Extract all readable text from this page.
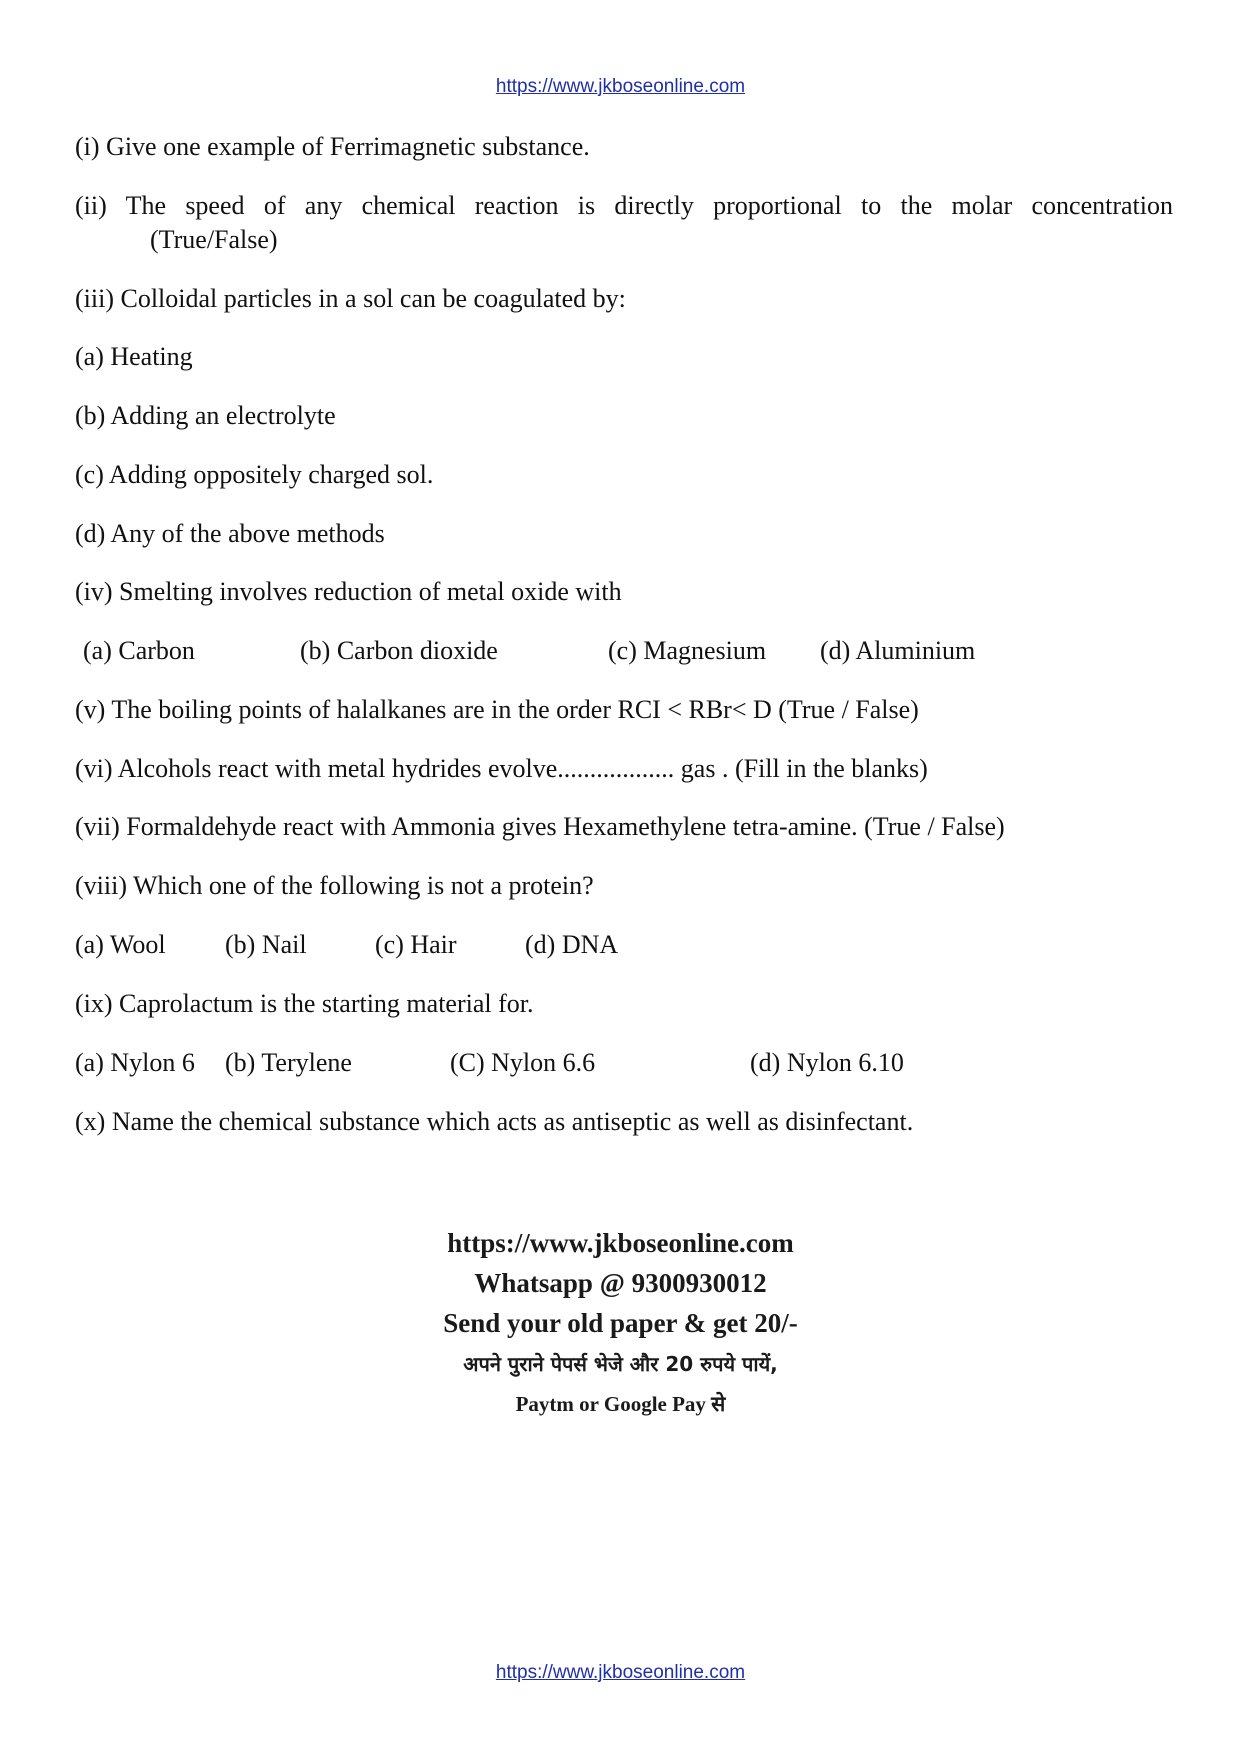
https://www.jkboseonline.com
(i) Give one example of Ferrimagnetic substance.
(ii) The speed of any chemical reaction is directly proportional to the molar concentration
(True/False)
(iii) Colloidal particles in a sol can be coagulated by:
(a) Heating
(b) Adding an electrolyte
(c) Adding oppositely charged sol.
(d) Any of the above methods
(iv) Smelting involves reduction of metal oxide with
(a) Carbon	(b) Carbon dioxide	(c) Magnesium (d) Aluminium
(v) The boiling points of halalkanes are in the order RCI < RBr< D (True / False)
(vi) Alcohols react with metal hydrides evolve.................. gas . (Fill in the blanks)
(vii) Formaldehyde react with Ammonia gives Hexamethylene tetra-amine. (True / False)
(viii) Which one of the following is not a protein?
(a) Wool (b) Nail	(c) Hair	(d) DNA
(ix) Caprolactum is the starting material for.
(a) Nylon 6 (b) Terylene	(C) Nylon 6.6	(d) Nylon 6.10
(x) Name the chemical substance which acts as antiseptic as well as disinfectant.
https://www.jkboseonline.com
Whatsapp @ 9300930012
Send your old paper & get 20/-
अपने पुराने पेपर्स भेजे और 20 रुपये पायें,
Paytm or Google Pay से
https://www.jkboseonline.com
